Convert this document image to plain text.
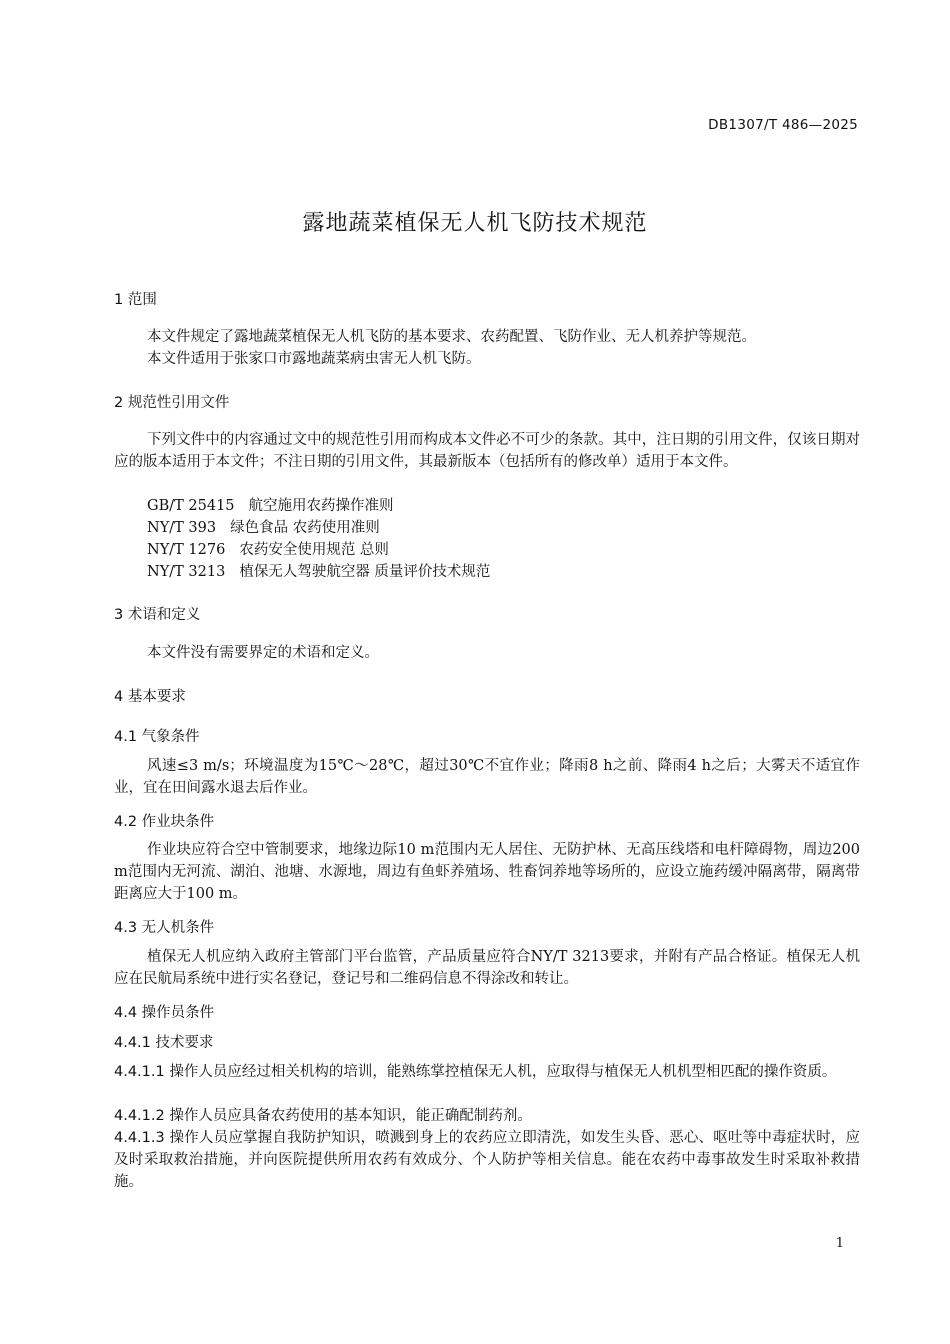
DB1307/T 486—2025
露地蔬菜植保无人机飞防技术规范
1 范围
本文件规定了露地蔬菜植保无人机飞防的基本要求、农药配置、飞防作业、无人机养护等规范。
本文件适用于张家口市露地蔬菜病虫害无人机飞防。
2 规范性引用文件
下列文件中的内容通过文中的规范性引用而构成本文件必不可少的条款。其中，注日期的引用文件，仅该日期对应的版本适用于本文件；不注日期的引用文件，其最新版本（包括所有的修改单）适用于本文件。
GB/T 25415 航空施用农药操作准则
NY/T 393 绿色食品 农药使用准则
NY/T 1276 农药安全使用规范 总则
NY/T 3213 植保无人驾驶航空器 质量评价技术规范
3 术语和定义
本文件没有需要界定的术语和定义。
4 基本要求
4.1 气象条件
风速≤3 m/s；环境温度为15℃～28℃，超过30℃不宜作业；降雨8 h之前、降雨4 h之后；大雾天不适宜作业，宜在田间露水退去后作业。
4.2 作业块条件
作业块应符合空中管制要求，地缘边际10 m范围内无人居住、无防护林、无高压线塔和电杆障碍物，周边200 m范围内无河流、湖泊、池塘、水源地，周边有鱼虾养殖场、牲畜饲养地等场所的，应设立施药缓冲隔离带，隔离带距离应大于100 m。
4.3 无人机条件
植保无人机应纳入政府主管部门平台监管，产品质量应符合NY/T 3213要求，并附有产品合格证。植保无人机应在民航局系统中进行实名登记，登记号和二维码信息不得涂改和转让。
4.4 操作员条件
4.4.1 技术要求
4.4.1.1 操作人员应经过相关机构的培训，能熟练掌控植保无人机，应取得与植保无人机机型相匹配的操作资质。
4.4.1.2 操作人员应具备农药使用的基本知识，能正确配制药剂。
4.4.1.3 操作人员应掌握自我防护知识，喷溅到身上的农药应立即清洗，如发生头昏、恶心、呕吐等中毒症状时，应及时采取救治措施，并向医院提供所用农药有效成分、个人防护等相关信息。能在农药中毒事故发生时采取补救措施。
1
